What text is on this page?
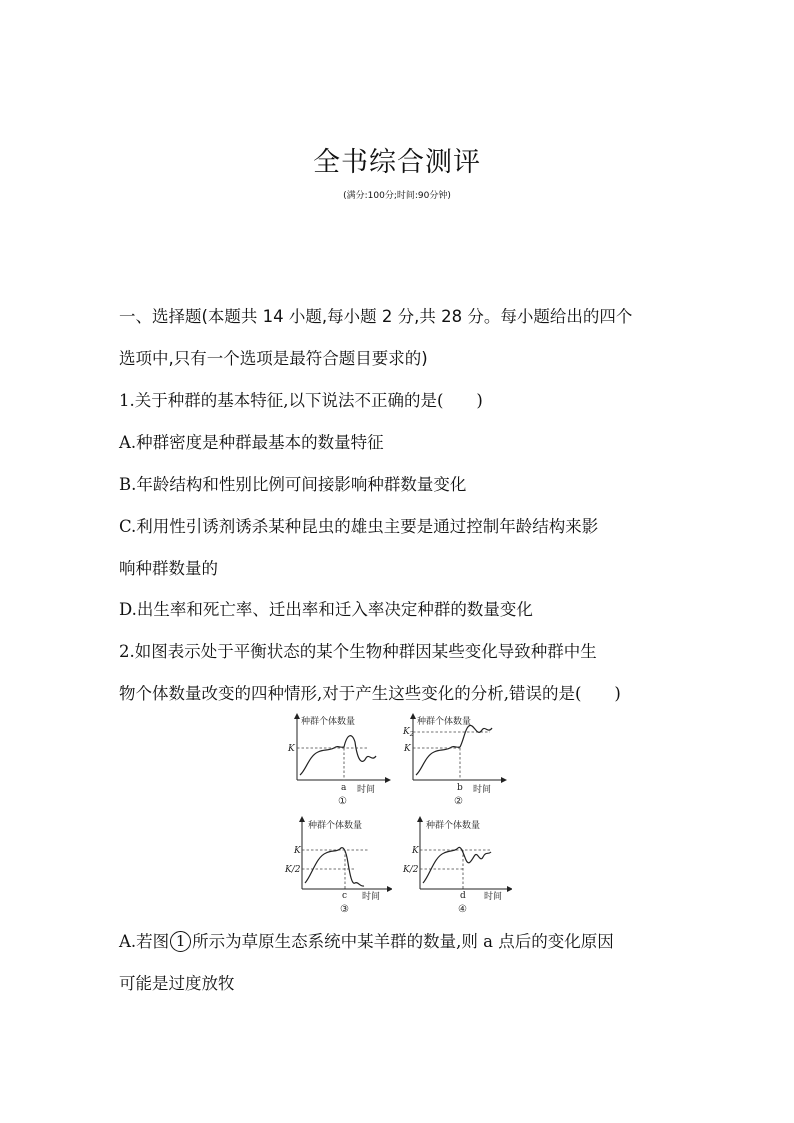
全书综合测评
(满分:100分;时间:90分钟)
一、选择题(本题共 14 小题,每小题 2 分,共 28 分。每小题给出的四个
选项中,只有一个选项是最符合题目要求的)
1.关于种群的基本特征,以下说法不正确的是(　　)
A.种群密度是种群最基本的数量特征
B.年龄结构和性别比例可间接影响种群数量变化
C.利用性引诱剂诱杀某种昆虫的雄虫主要是通过控制年龄结构来影
响种群数量的
D.出生率和死亡率、迁出率和迁入率决定种群的数量变化
2.如图表示处于平衡状态的某个生物种群因某些变化导致种群中生
物个体数量改变的四种情形,对于产生这些变化的分析,错误的是(　　)
种群个体数量
K
a 时间
①
种群个体数量
$K_2$
K
b 时间
②
种群个体数量
K
K/2
c 时间
③
种群个体数量
K
K/2
d 时间
④
A.若图 1 所示为草原生态系统中某羊群的数量,则 a 点后的变化原因
可能是过度放牧
